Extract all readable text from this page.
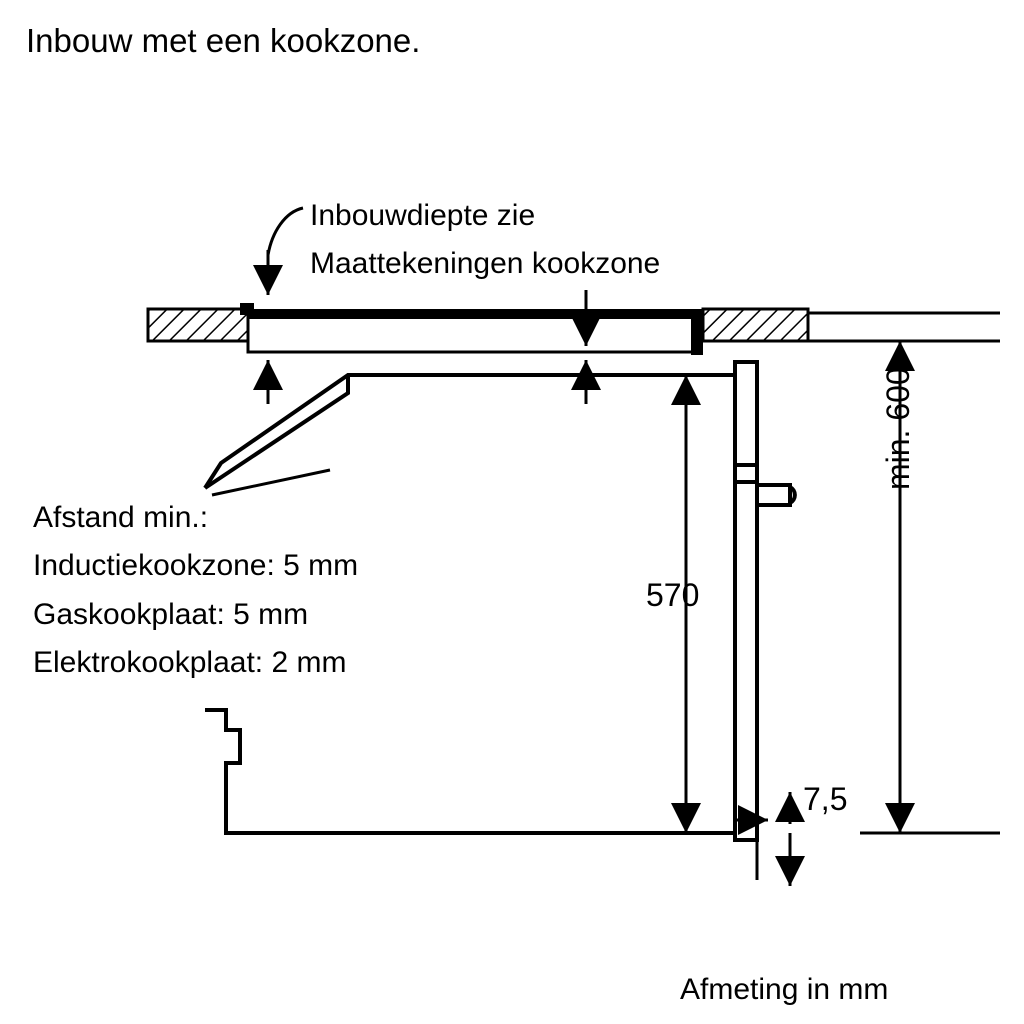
Inbouw met een kookzone.
Inbouwdiepte zie
Maattekeningen kookzone
Afstand min.:
Inductiekookzone: 5 mm
Gaskookplaat: 5 mm
Elektrokookplaat: 2 mm
570
7,5
min. 600
Afmeting in mm
